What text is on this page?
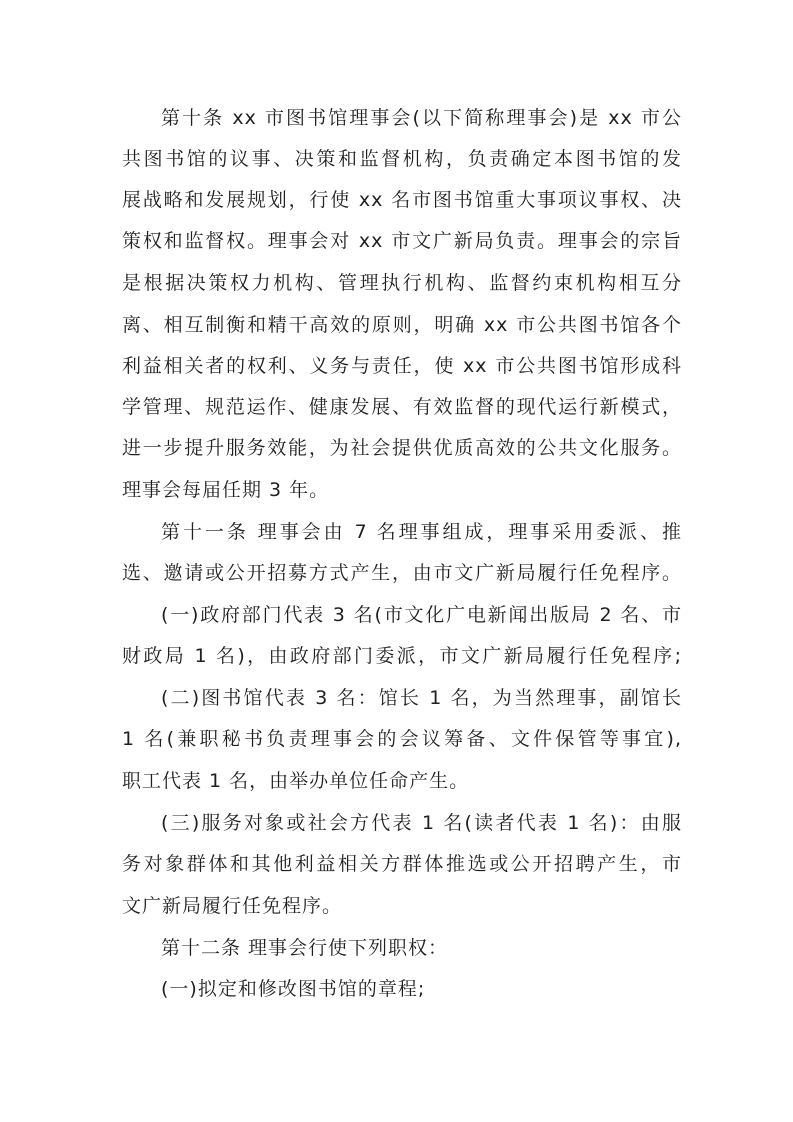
第十条 xx 市图书馆理事会(以下简称理事会)是 xx 市公
共图书馆的议事、决策和监督机构，负责确定本图书馆的发
展战略和发展规划，行使 xx 名市图书馆重大事项议事权、决
策权和监督权。理事会对 xx 市文广新局负责。理事会的宗旨
是根据决策权力机构、管理执行机构、监督约束机构相互分
离、相互制衡和精干高效的原则，明确 xx 市公共图书馆各个
利益相关者的权利、义务与责任，使 xx 市公共图书馆形成科
学管理、规范运作、健康发展、有效监督的现代运行新模式，
进一步提升服务效能，为社会提供优质高效的公共文化服务。
理事会每届任期 3 年。
第十一条 理事会由 7 名理事组成，理事采用委派、推
选、邀请或公开招募方式产生，由市文广新局履行任免程序。
(一)政府部门代表 3 名(市文化广电新闻出版局 2 名、市
财政局 1 名)，由政府部门委派，市文广新局履行任免程序;
(二)图书馆代表 3 名：馆长 1 名，为当然理事，副馆长
1 名(兼职秘书负责理事会的会议筹备、文件保管等事宜),
职工代表 1 名，由举办单位任命产生。
(三)服务对象或社会方代表 1 名(读者代表 1 名)：由服
务对象群体和其他利益相关方群体推选或公开招聘产生，市
文广新局履行任免程序。
第十二条 理事会行使下列职权：
(一)拟定和修改图书馆的章程;
